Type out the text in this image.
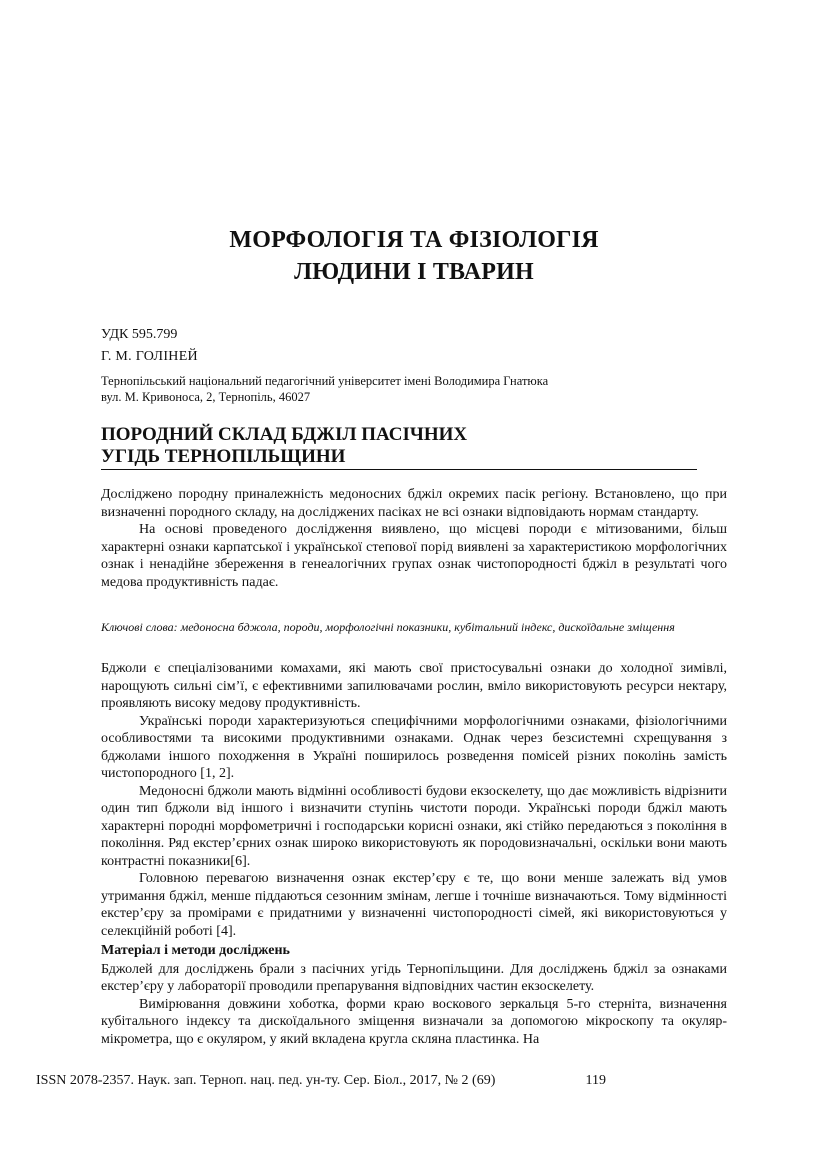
МОРФОЛОГІЯ ТА ФІЗІОЛОГІЯ
ЛЮДИНИ І ТВАРИН
УДК 595.799
Г. М. ГОЛІНЕЙ
Тернопільський національний педагогічний університет імені Володимира Гнатюка
вул. М. Кривоноса, 2, Тернопіль, 46027
ПОРОДНИЙ СКЛАД БДЖІЛ ПАСІЧНИХ
УГІДЬ ТЕРНОПІЛЬЩИНИ

Досліджено породну приналежність медоносних бджіл окремих пасік регіону. Встановлено, що при визначенні породного складу, на досліджених пасіках не всі ознаки відповідають нормам стандарту.

На основі проведеного дослідження виявлено, що місцеві породи є мітизованими, більш характерні ознаки карпатської і української степової порід виявлені за характеристикою морфологічних ознак і ненадійне збереження в генеалогічних групах ознак чистопородності бджіл в результаті чого медова продуктивність падає.

Ключові слова: медоносна бджола, породи, морфологічні показники, кубітальний індекс, дискоїдальне зміщення

Бджоли є спеціалізованими комахами, які мають свої пристосувальні ознаки до холодної зимівлі, нарощують сильні сім’ї, є ефективними запилювачами рослин, вміло використовують ресурси нектару, проявляють високу медову продуктивність.

Українські породи характеризуються специфічними морфологічними ознаками, фізіологічними особливостями та високими продуктивними ознаками. Однак через безсистемні схрещування з бджолами іншого походження в Україні поширилось розведення помісей різних поколінь замість чистопородного [1, 2].

Медоносні бджоли мають відмінні особливості будови екзоскелету, що дає можливість відрізнити один тип бджоли від іншого і визначити ступінь чистоти породи. Українські породи бджіл мають характерні породні морфометричні і господарськи корисні ознаки, які стійко передаються з покоління в покоління. Ряд екстер’єрних ознак широко використовують як породовизначальні, оскільки вони мають контрастні показники[6].

Головною перевагою визначення ознак екстер’єру є те, що вони менше залежать від умов утримання бджіл, менше піддаються сезонним змінам, легше і точніше визначаються. Тому відмінності екстер’єру за промірами є придатними у визначенні чистопородності сімей, які використовуються у селекційній роботі [4].

Матеріал і методи досліджень

Бджолей для досліджень брали з пасічних угідь Тернопільщини. Для досліджень бджіл за ознаками екстер’єру у лабораторії проводили препарування відповідних частин екзоскелету.

Вимірювання довжини хоботка, форми краю воскового зеркальця 5-го стерніта, визначення кубітального індексу та дискоїдального зміщення визначали за допомогою мікроскопу та окуляр-мікрометра, що є окуляром, у який вкладена кругла скляна пластинка. На

ISSN 2078-2357. Наук. зап. Терноп. нац. пед. ун-ту. Сер. Біол., 2017, № 2 (69)	119
